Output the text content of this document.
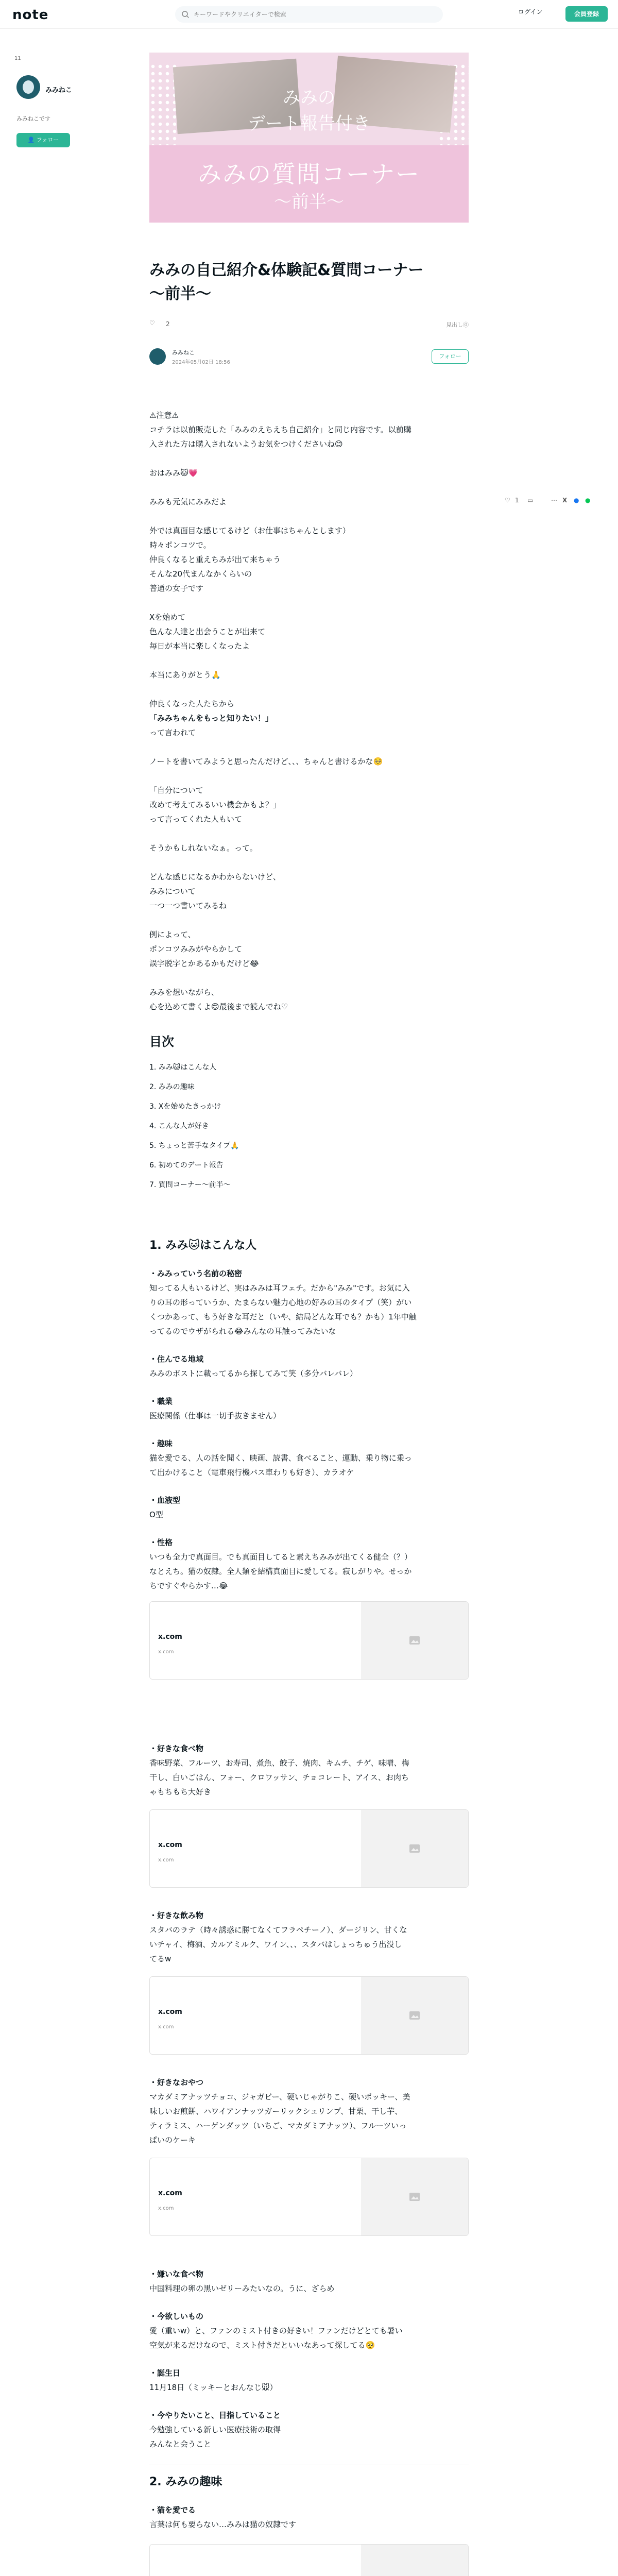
note
キーワードやクリエイターで検索	ログイン	会員登録
11
みみねこ
みみねこです
👤 フォロー
♡ 1 ▭	⋯ X ● ●
みみの
デート報告付き
みみの質問コーナー
〜前半〜
みみの自己紹介&体験記&質問コーナー
〜前半〜
♡ 2	見出し⓪
みみねこ
2024年05月02日 18:56
フォロー
⚠注意⚠
コチラは以前販売した「みみのえちえち自己紹介」と同じ内容です。以前購
入された方は購入されないようお気をつけくださいね😊
おはみみ🐱💗
みみも元気にみみだよ
外では真面目な感じてるけど（お仕事はちゃんとします）
時々ポンコツで。
仲良くなると重えちみが出て来ちゃう
そんな20代まんなかくらいの
普通の女子です
Xを始めて
色んな人達と出会うことが出来て
毎日が本当に楽しくなったよ
本当にありがとう🙏
仲良くなった人たちから
「みみちゃんをもっと知りたい！」
って言われて
ノートを書いてみようと思ったんだけど、、、ちゃんと書けるかな🥺
「自分について
改めて考えてみるいい機会かもよ？」
って言ってくれた人もいて
そうかもしれないなぁ。って。
どんな感じになるかわからないけど、
みみについて
一つ一つ書いてみるね
例によって、
ポンコツみみがやらかして
誤字脱字とかあるかもだけど😂
みみを想いながら、
心を込めて書くよ😊最後まで読んでね♡
目次
1. みみ🐱はこんな人
2. みみの趣味
3. Xを始めたきっかけ
4. こんな人が好き
5. ちょっと苦手なタイプ🙏
6. 初めてのデート報告
7. 質問コーナー〜前半〜
1. みみ🐱はこんな人
・みみっていう名前の秘密
知ってる人もいるけど、実はみみは耳フェチ。だから"みみ"です。お気に入
りの耳の形っていうか、たまらない魅力心地の好みの耳のタイプ（笑）がい
くつかあって、もう好きな耳だと（いや、結局どんな耳でも？かも）1年中触
ってるのでウザがられる😂みんなの耳触ってみたいな
・住んでる地域
みみのポストに載ってるから探してみて笑（多分バレバレ）
・職業
医療関係（仕事は一切手抜きません）
・趣味
猫を愛でる、人の話を聞く、映画、読書、食べること、運動、乗り物に乗っ
て出かけること（電車飛行機バス車わりも好き）、カラオケ
・血液型
O型
・性格
いつも全力で真面目。でも真面目してると素えちみみが出てくる健全（？）
なとえち。猫の奴隷。全人類を結構真面目に愛してる。寂しがりや。せっか
ちですぐやらかす…😂
x.com
x.com
・好きな食べ物
香味野菜、フルーツ、お寿司、煮魚、餃子、焼肉、キムチ、チゲ、味噌、梅
干し、白いごはん、フォー、クロワッサン、チョコレート、アイス、お肉ち
ゃもちもち大好き
x.com
x.com
・好きな飲み物
スタバのラテ（時々誘惑に勝てなくてフラペチーノ）、ダージリン、甘くな
いチャイ、梅酒、カルアミルク、ワイン、、、スタバはしょっちゅう出没し
てるw
x.com
x.com
・好きなおやつ
マカダミアナッツチョコ、ジャガビー、硬いじゃがりこ、硬いポッキー、美
味しいお煎餅、ハワイアンナッツガーリックシュリンプ、甘栗、干し芋、
ティラミス、ハーゲンダッツ（いちご、マカダミアナッツ）、フルーツいっ
ぱいのケーキ
x.com
x.com
・嫌いな食べ物
中国料理の卵の黒いゼリーみたいなの。うに、ざらめ
・今欲しいもの
愛（重いw）と、ファンのミスト付きの好きい！ファンだけどとても暑い
空気が来るだけなので、ミスト付きだといいなあって探してる🥺
・誕生日
11月18日（ミッキーとおんなじ🐭）
・今やりたいこと、目指していること
今勉強している新しい医療技術の取得
みんなと会うこと
2. みみの趣味
・猫を愛でる
言葉は何も要らない…みみは猫の奴隷です
